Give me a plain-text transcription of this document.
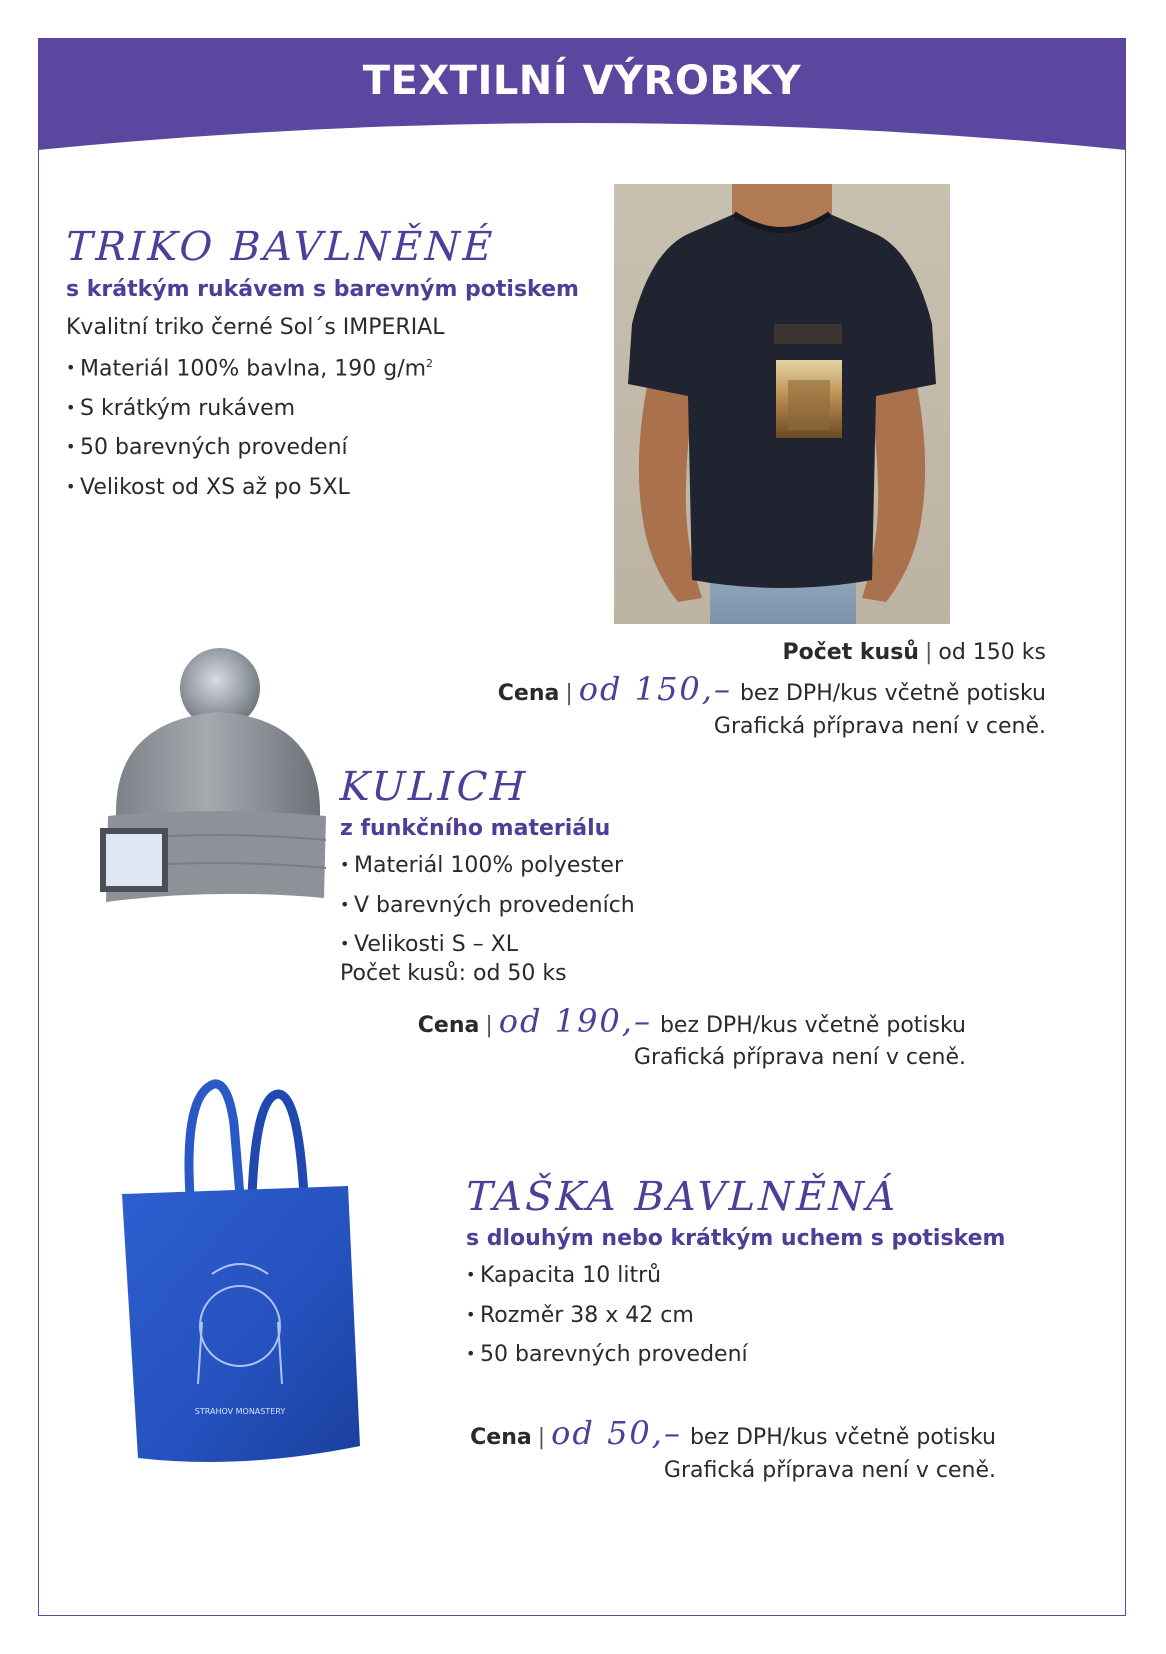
TEXTILNÍ VÝROBKY
TRIKO BAVLNĚNÉ
s krátkým rukávem s barevným potiskem
Kvalitní triko černé Sol´s IMPERIAL
• Materiál 100% bavlna, 190 $g/m^2$
• S krátkým rukávem
• 50 barevných provedení
• Velikost od XS až po 5XL
Počet kusů | od 150 ks
Cena | od 150,– bez DPH/kus včetně potisku
Grafická příprava není v ceně.
KULICH
z funkčního materiálu
• Materiál 100% polyester
• V barevných provedeních
• Velikosti S – XL
Počet kusů: od 50 ks
Cena | od 190,– bez DPH/kus včetně potisku
Grafická příprava není v ceně.
STRAHOV MONASTERY
TAŠKA BAVLNĚNÁ
s dlouhým nebo krátkým uchem s potiskem
• Kapacita 10 litrů
• Rozměr 38 x 42 cm
• 50 barevných provedení
Cena | od 50,– bez DPH/kus včetně potisku
Grafická příprava není v ceně.
